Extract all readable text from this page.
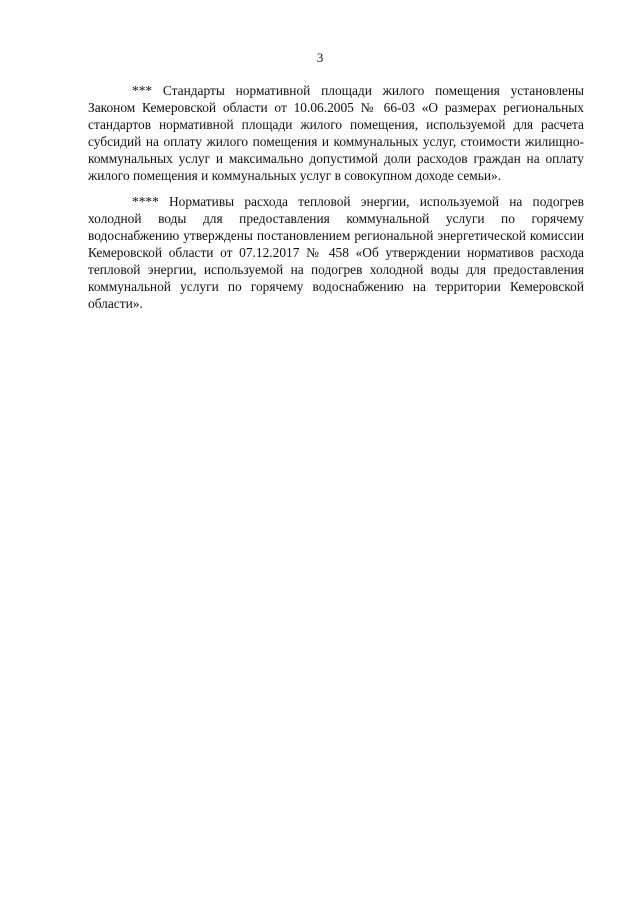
3

*** Стандарты нормативной площади жилого помещения установлены Законом Кемеровской области от 10.06.2005 № 66-03 «О размерах региональных стандартов нормативной площади жилого помещения, используемой для расчета субсидий на оплату жилого помещения и коммунальных услуг, стоимости жилищно-коммунальных услуг и максимально допустимой доли расходов граждан на оплату жилого помещения и коммунальных услуг в совокупном доходе семьи».

**** Нормативы расхода тепловой энергии, используемой на подогрев холодной воды для предоставления коммунальной услуги по горячему водоснабжению утверждены постановлением региональной энергетической комиссии Кемеровской области от 07.12.2017 № 458 «Об утверждении нормативов расхода тепловой энергии, используемой на подогрев холодной воды для предоставления коммунальной услуги по горячему водоснабжению на территории Кемеровской области».
